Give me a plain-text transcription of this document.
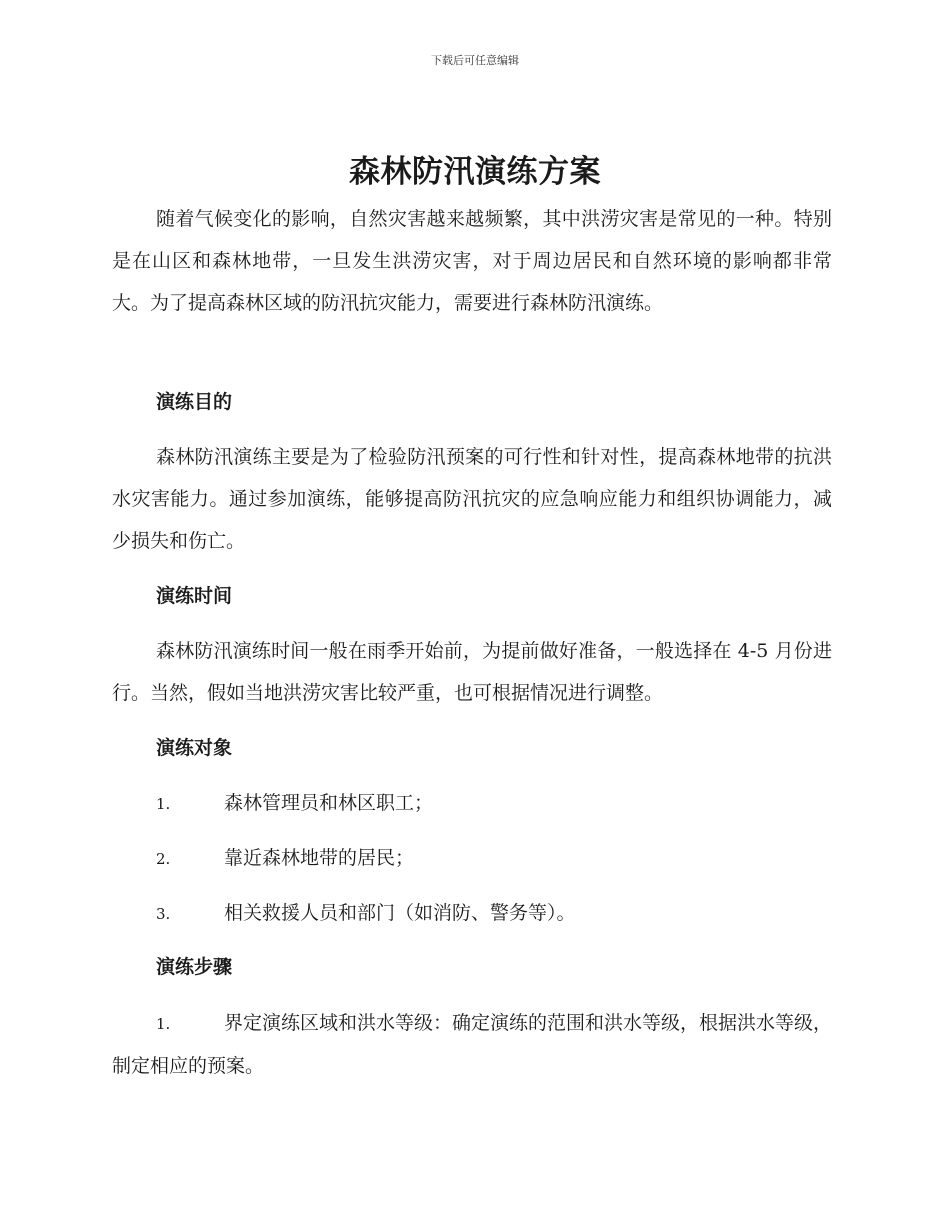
下载后可任意编辑
森林防汛演练方案
随着气候变化的影响，自然灾害越来越频繁，其中洪涝灾害是常见的一种。特别是在山区和森林地带，一旦发生洪涝灾害，对于周边居民和自然环境的影响都非常大。为了提高森林区域的防汛抗灾能力，需要进行森林防汛演练。
演练目的
森林防汛演练主要是为了检验防汛预案的可行性和针对性，提高森林地带的抗洪水灾害能力。通过参加演练，能够提高防汛抗灾的应急响应能力和组织协调能力，减少损失和伤亡。
演练时间
森林防汛演练时间一般在雨季开始前，为提前做好准备，一般选择在 4-5 月份进行。当然，假如当地洪涝灾害比较严重，也可根据情况进行调整。
演练对象
1.	森林管理员和林区职工；
2.	靠近森林地带的居民；
3.	相关救援人员和部门（如消防、警务等）。
演练步骤
1.	界定演练区域和洪水等级：确定演练的范围和洪水等级，根据洪水等级，制定相应的预案。
